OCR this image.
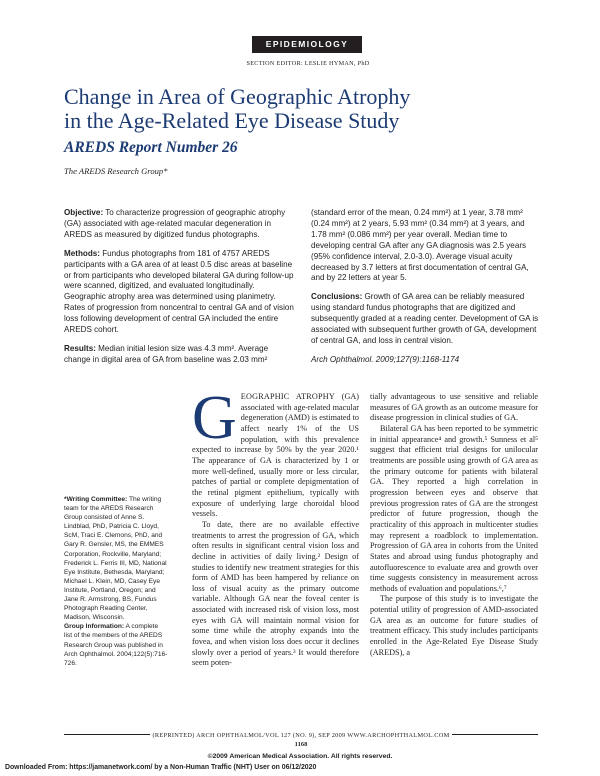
EPIDEMIOLOGY
SECTION EDITOR: LESLIE HYMAN, PhD
Change in Area of Geographic Atrophy
in the Age-Related Eye Disease Study
AREDS Report Number 26
The AREDS Research Group*

Objective: To characterize progression of geographic atrophy (GA) associated with age-related macular degeneration in AREDS as measured by digitized fundus photographs.

Methods: Fundus photographs from 181 of 4757 AREDS participants with a GA area of at least 0.5 disc areas at baseline or from participants who developed bilateral GA during follow-up were scanned, digitized, and evaluated longitudinally. Geographic atrophy area was determined using planimetry. Rates of progression from noncentral to central GA and of vision loss following development of central GA included the entire AREDS cohort.

Results: Median initial lesion size was 4.3 mm². Average change in digital area of GA from baseline was 2.03 mm²

(standard error of the mean, 0.24 mm²) at 1 year, 3.78 mm² (0.24 mm²) at 2 years, 5.93 mm² (0.34 mm²) at 3 years, and 1.78 mm² (0.086 mm²) per year overall. Median time to developing central GA after any GA diagnosis was 2.5 years (95% confidence interval, 2.0-3.0). Average visual acuity decreased by 3.7 letters at first documentation of central GA, and by 22 letters at year 5.

Conclusions: Growth of GA area can be reliably measured using standard fundus photographs that are digitized and subsequently graded at a reading center. Development of GA is associated with subsequent further growth of GA, development of central GA, and loss in central vision.

Arch Ophthalmol. 2009;127(9):1168-1174

*Writing Committee: The writing team for the AREDS Research Group consisted of Anne S. Lindblad, PhD, Patricia C. Lloyd, ScM, Traci E. Clemons, PhD, and Gary R. Gensler, MS, the EMMES Corporation, Rockville, Maryland; Frederick L. Ferris III, MD, National Eye Institute, Bethesda, Maryland; Michael L. Klein, MD, Casey Eye Institute, Portland, Oregon; and Jane R. Armstrong, BS, Fundus Photograph Reading Center, Madison, Wisconsin.

Group Information: A complete list of the members of the AREDS Research Group was published in Arch Ophthalmol. 2004;122(5):716-726.

GEOGRAPHIC ATROPHY (GA) associated with age-related macular degeneration (AMD) is estimated to affect nearly 1% of the US population, with this prevalence expected to increase by 50% by the year 2020.¹ The appearance of GA is characterized by 1 or more well-defined, usually more or less circular, patches of partial or complete depigmentation of the retinal pigment epithelium, typically with exposure of underlying large choroidal blood vessels.

To date, there are no available effective treatments to arrest the progression of GA, which often results in significant central vision loss and decline in activities of daily living.² Design of studies to identify new treatment strategies for this form of AMD has been hampered by reliance on loss of visual acuity as the primary outcome variable. Although GA near the foveal center is associated with increased risk of vision loss, most eyes with GA will maintain normal vision for some time while the atrophy expands into the fovea, and when vision loss does occur it declines slowly over a period of years.³ It would therefore seem poten-

tially advantageous to use sensitive and reliable measures of GA growth as an outcome measure for disease progression in clinical studies of GA.

Bilateral GA has been reported to be symmetric in initial appearance⁴ and growth.⁵ Sunness et al⁵ suggest that efficient trial designs for unilocular treatments are possible using growth of GA area as the primary outcome for patients with bilateral GA. They reported a high correlation in progression between eyes and observe that previous progression rates of GA are the strongest predictor of future progression, though the practicality of this approach in multicenter studies may represent a roadblock to implementation. Progression of GA area in cohorts from the United States and abroad using fundus photography and autofluorescence to evaluate area and growth over time suggests consistency in measurement across methods of evaluation and populations.⁶,⁷

The purpose of this study is to investigate the potential utility of progression of AMD-associated GA area as an outcome for future studies of treatment efficacy. This study includes participants enrolled in the Age-Related Eye Disease Study (AREDS), a

(REPRINTED) ARCH OPHTHALMOL/VOL 127 (NO. 9), SEP 2009 WWW.ARCHOPHTHALMOL.COM
1168
©2009 American Medical Association. All rights reserved.
Downloaded From: https://jamanetwork.com/ by a Non-Human Traffic (NHT) User on 06/12/2020
